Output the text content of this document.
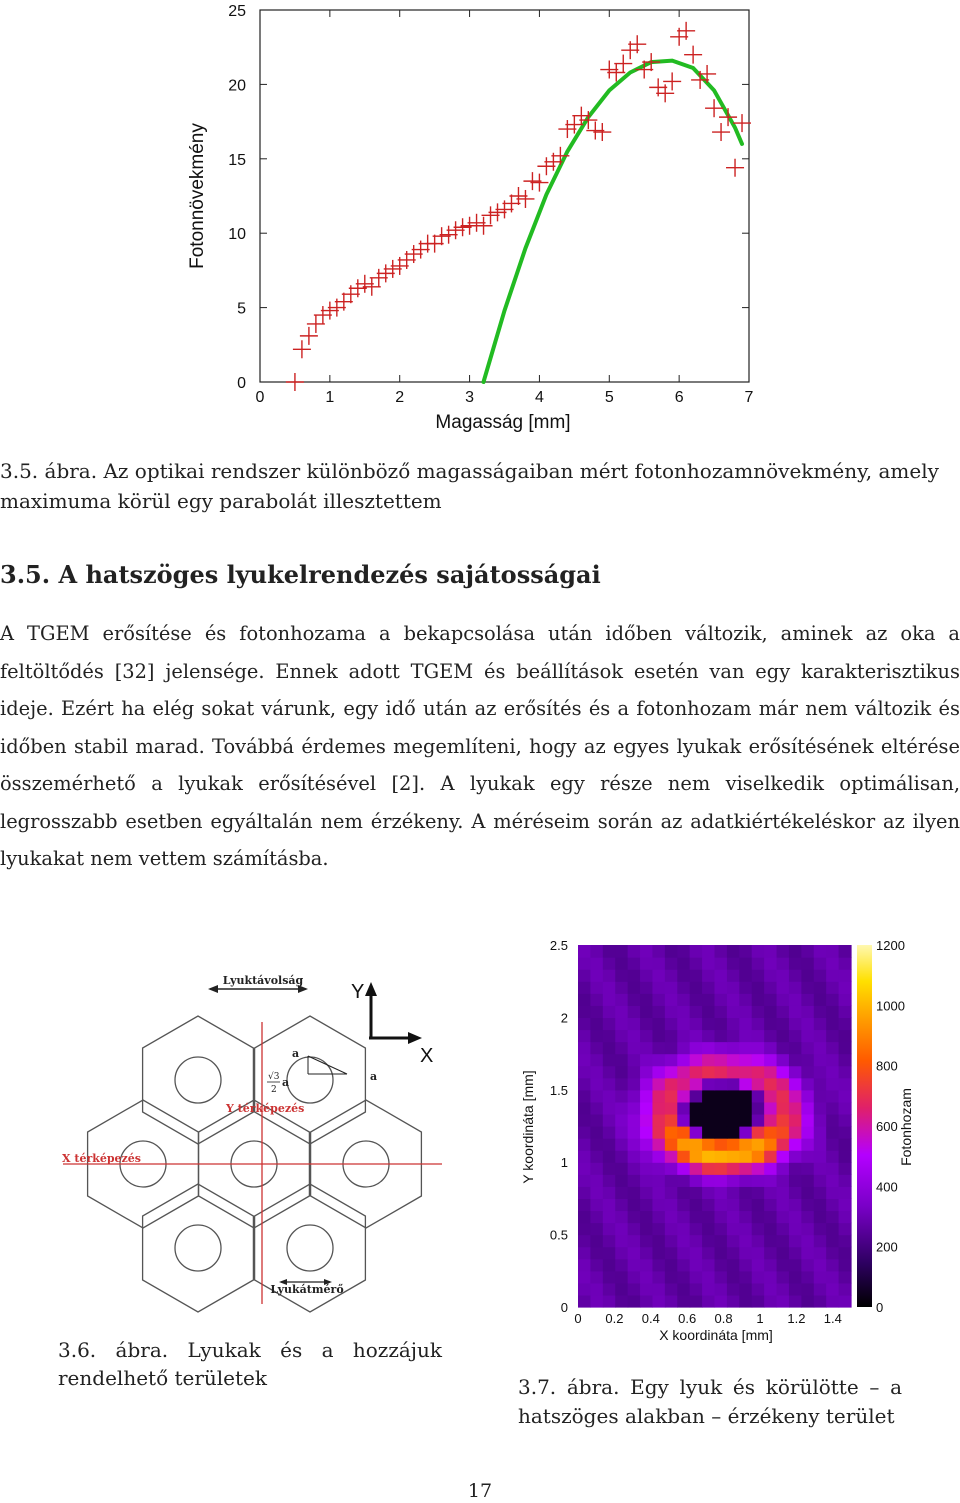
0	1	2	3	4	5	6	7
0
5
10
15
20
25
Magasság [mm]
Fotonnövekmény
3.5. ábra. Az optikai rendszer különböző magasságaiban mért fotonhozamnövekmény, amely maximuma körül egy parabolát illesztettem
3.5. A hatszöges lyukelrendezés sajátosságai
A TGEM erősítése és fotonhozama a bekapcsolása után időben változik, aminek az oka a feltöltődés [32] jelensége. Ennek adott TGEM és beállítások esetén van egy karakterisztikus ideje. Ezért ha elég sokat várunk, egy idő után az erősítés és a fotonhozam már nem változik és időben stabil marad. Továbbá érdemes megemlíteni, hogy az egyes lyukak erősítésének eltérése összemérhető a lyukak erősítésével [2]. A lyukak egy része nem viselkedik optimálisan, legrosszabb esetben egyáltalán nem érzékeny. A méréseim során az adatkiértékeléskor az ilyen lyukakat nem vettem számításba.
Lyuktávolság
Y
X
Y térképezés
X térképezés
a
√3
2
a	a
Lyukátmérő
3.6. ábra. Lyukak és a hozzájuk rendelhető területek
0 0.2 0.4 0.6 0.8 1 1.2 1.4
0
0.5
1
1.5
2
2.5
0
200
400
600
800
1000
1200
X koordináta [mm]
Y koordináta [mm]	Fotonhozam
3.7. ábra. Egy lyuk és körülötte – a hatszöges alakban – érzékeny terület
17
